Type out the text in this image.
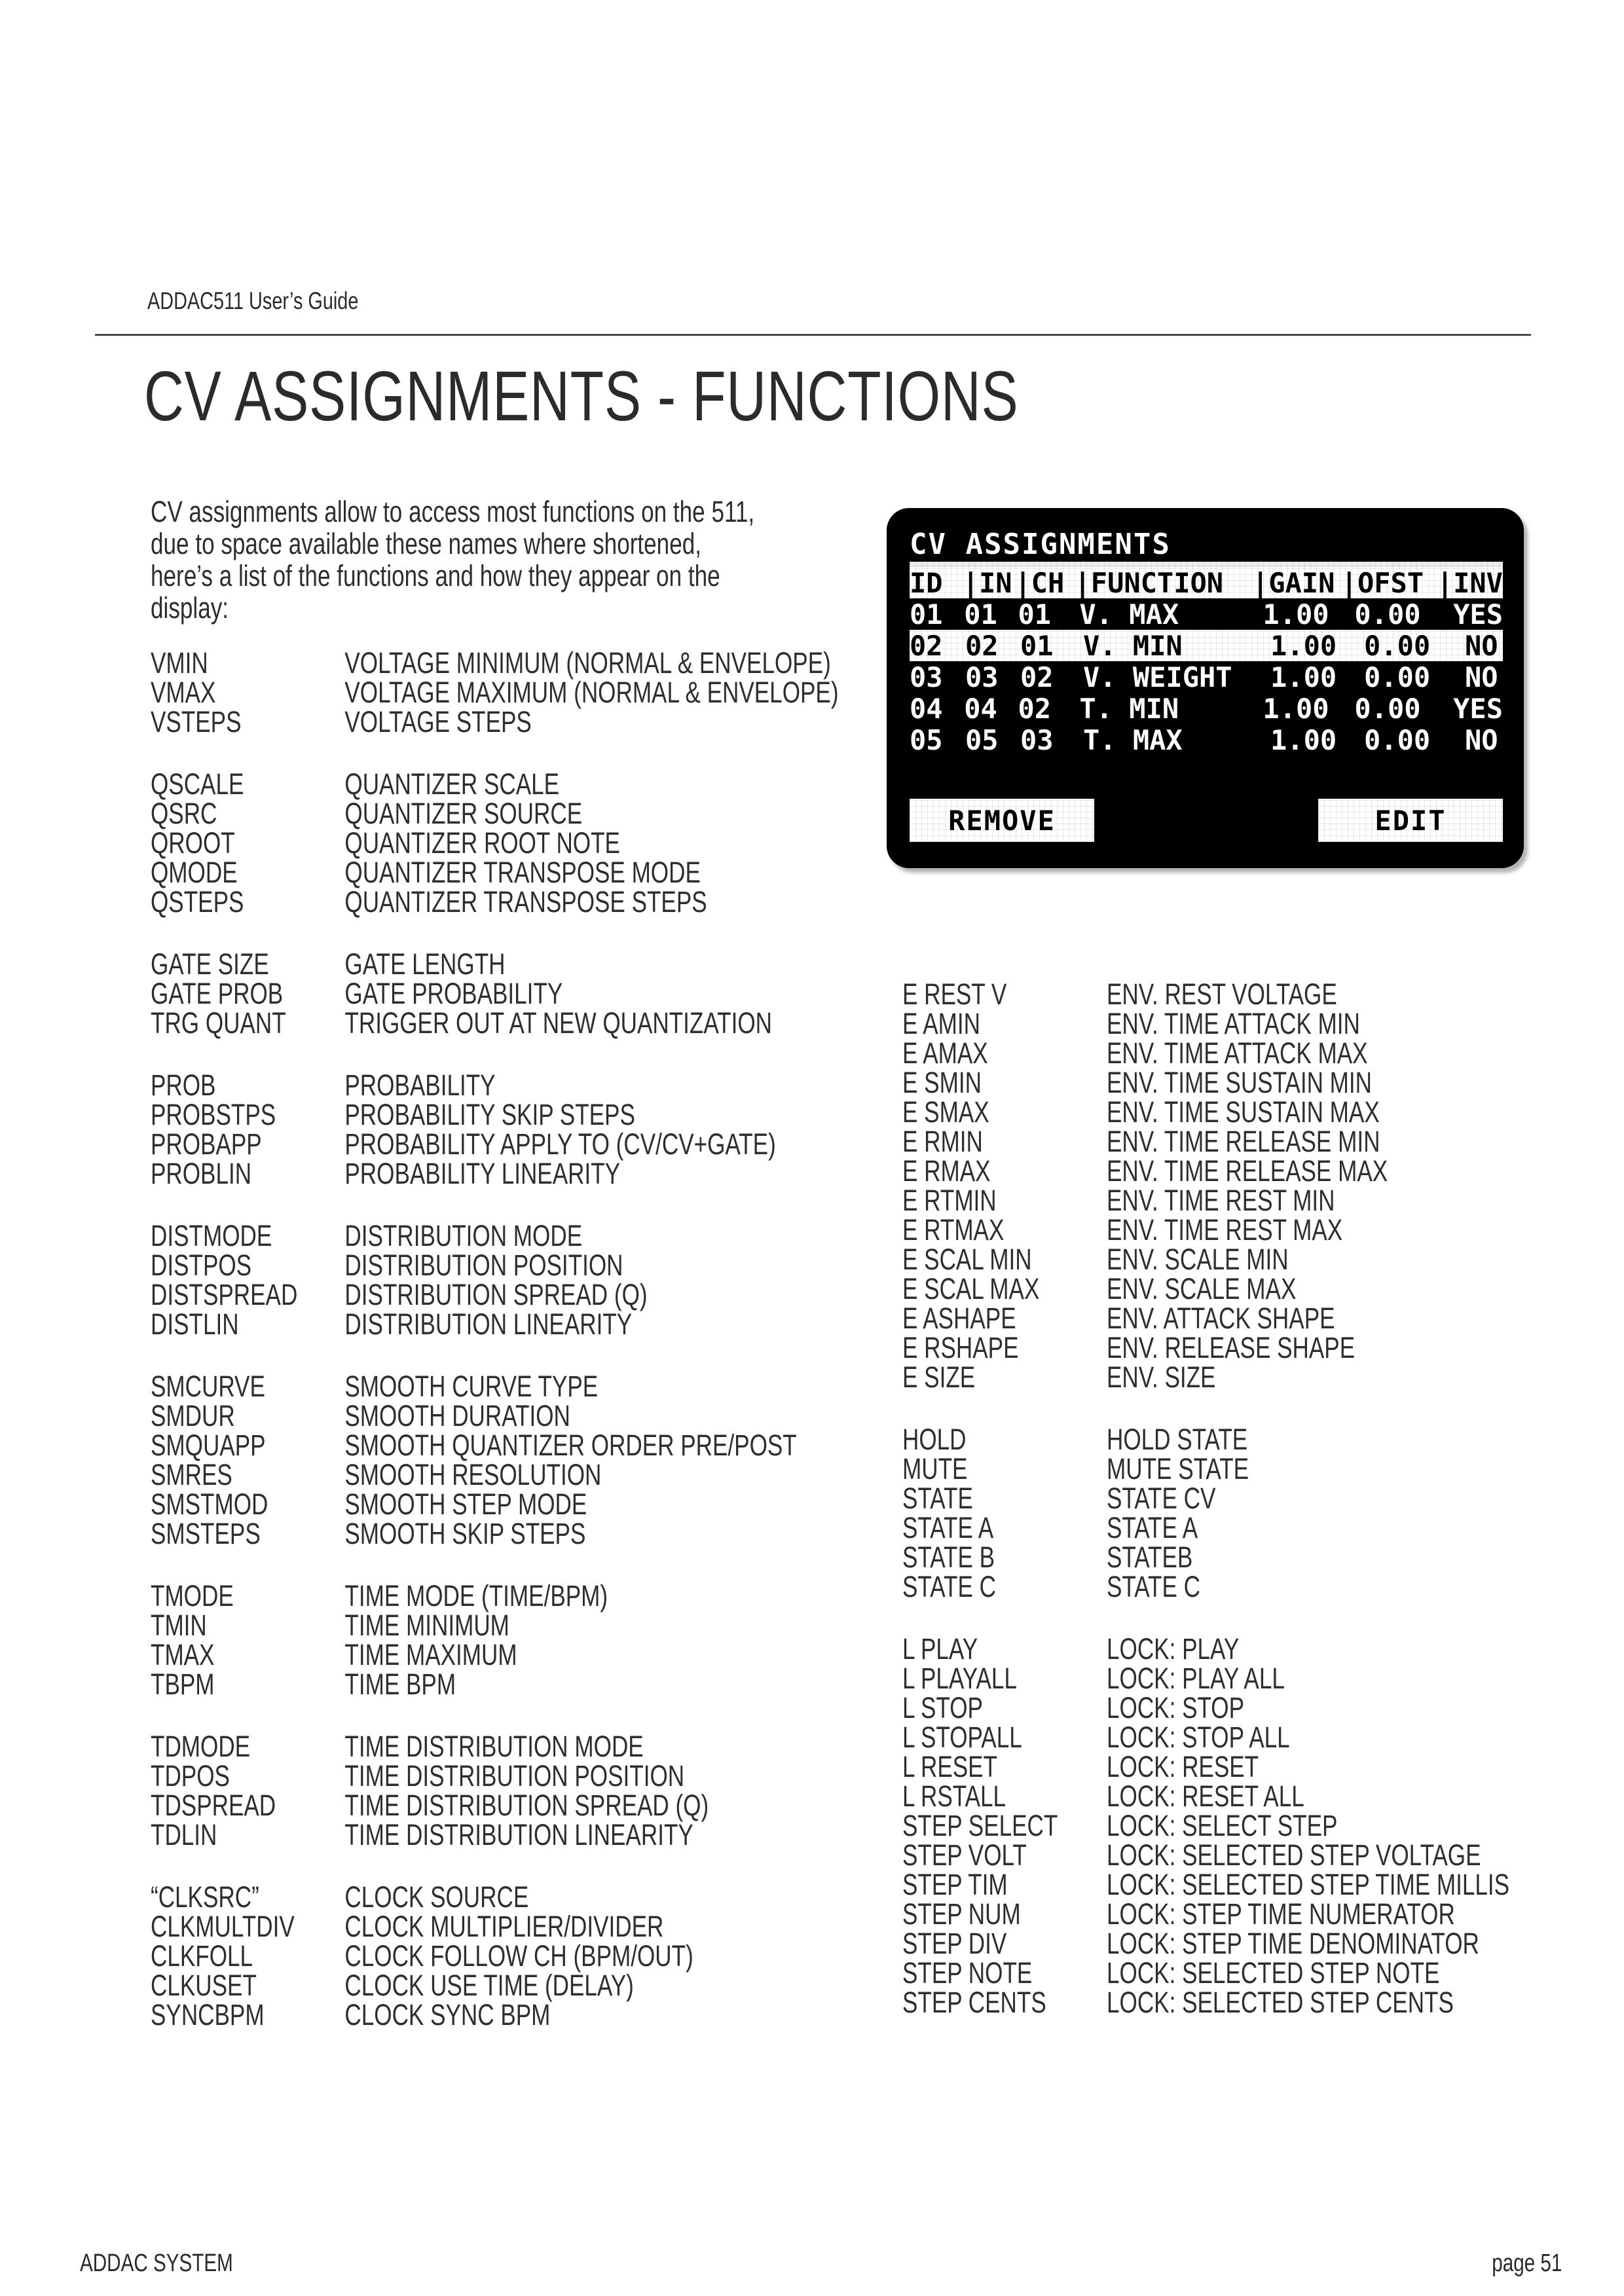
ADDAC511 User’s Guide
CV ASSIGNMENTS - FUNCTIONS
CV assignments allow to access most functions on the 511,
due to space available these names where shortened,
here’s a list of the functions and how they appear on the
display:
CV ASSIGNMENTS
ID |IN |CH |FUNCTION	|GAIN |OFST |INV
01 01 01	V. MAX	1.00 0.00	YES
02 02 01	V. MIN	1.00 0.00	NO
03 03 02	V. WEIGHT	1.00 0.00	NO
04 04 02	T. MIN	1.00 0.00	YES
05 05 03	T. MAX	1.00 0.00	NO
REMOVE	EDIT
VMIN	VOLTAGE MINIMUM (NORMAL & ENVELOPE)
VMAX	VOLTAGE MAXIMUM (NORMAL & ENVELOPE)
VSTEPS	VOLTAGE STEPS
QSCALE	QUANTIZER SCALE
QSRC	QUANTIZER SOURCE
QROOT	QUANTIZER ROOT NOTE
QMODE	QUANTIZER TRANSPOSE MODE
QSTEPS	QUANTIZER TRANSPOSE STEPS
GATE SIZE	GATE LENGTH
GATE PROB	GATE PROBABILITY
TRG QUANT	TRIGGER OUT AT NEW QUANTIZATION
PROB	PROBABILITY
PROBSTPS	PROBABILITY SKIP STEPS
PROBAPP	PROBABILITY APPLY TO (CV/CV+GATE)
PROBLIN	PROBABILITY LINEARITY
DISTMODE	DISTRIBUTION MODE
DISTPOS	DISTRIBUTION POSITION
DISTSPREAD	DISTRIBUTION SPREAD (Q)
DISTLIN	DISTRIBUTION LINEARITY
SMCURVE	SMOOTH CURVE TYPE
SMDUR	SMOOTH DURATION
SMQUAPP	SMOOTH QUANTIZER ORDER PRE/POST
SMRES	SMOOTH RESOLUTION
SMSTMOD	SMOOTH STEP MODE
SMSTEPS	SMOOTH SKIP STEPS
TMODE	TIME MODE (TIME/BPM)
TMIN	TIME MINIMUM
TMAX	TIME MAXIMUM
TBPM	TIME BPM
TDMODE	TIME DISTRIBUTION MODE
TDPOS	TIME DISTRIBUTION POSITION
TDSPREAD	TIME DISTRIBUTION SPREAD (Q)
TDLIN	TIME DISTRIBUTION LINEARITY
“CLKSRC”	CLOCK SOURCE
CLKMULTDIV	CLOCK MULTIPLIER/DIVIDER
CLKFOLL	CLOCK FOLLOW CH (BPM/OUT)
CLKUSET	CLOCK USE TIME (DELAY)
SYNCBPM	CLOCK SYNC BPM
E REST V	ENV. REST VOLTAGE
E AMIN	ENV. TIME ATTACK MIN
E AMAX	ENV. TIME ATTACK MAX
E SMIN	ENV. TIME SUSTAIN MIN
E SMAX	ENV. TIME SUSTAIN MAX
E RMIN	ENV. TIME RELEASE MIN
E RMAX	ENV. TIME RELEASE MAX
E RTMIN	ENV. TIME REST MIN
E RTMAX	ENV. TIME REST MAX
E SCAL MIN	ENV. SCALE MIN
E SCAL MAX	ENV. SCALE MAX
E ASHAPE	ENV. ATTACK SHAPE
E RSHAPE	ENV. RELEASE SHAPE
E SIZE	ENV. SIZE
HOLD	HOLD STATE
MUTE	MUTE STATE
STATE	STATE CV
STATE A	STATE A
STATE B	STATEB
STATE C	STATE C
L PLAY	LOCK: PLAY
L PLAYALL	LOCK: PLAY ALL
L STOP	LOCK: STOP
L STOPALL	LOCK: STOP ALL
L RESET	LOCK: RESET
L RSTALL	LOCK: RESET ALL
STEP SELECT	LOCK: SELECT STEP
STEP VOLT	LOCK: SELECTED STEP VOLTAGE
STEP TIM	LOCK: SELECTED STEP TIME MILLIS
STEP NUM	LOCK: STEP TIME NUMERATOR
STEP DIV	LOCK: STEP TIME DENOMINATOR
STEP NOTE	LOCK: SELECTED STEP NOTE
STEP CENTS	LOCK: SELECTED STEP CENTS
ADDAC SYSTEM	page 51
